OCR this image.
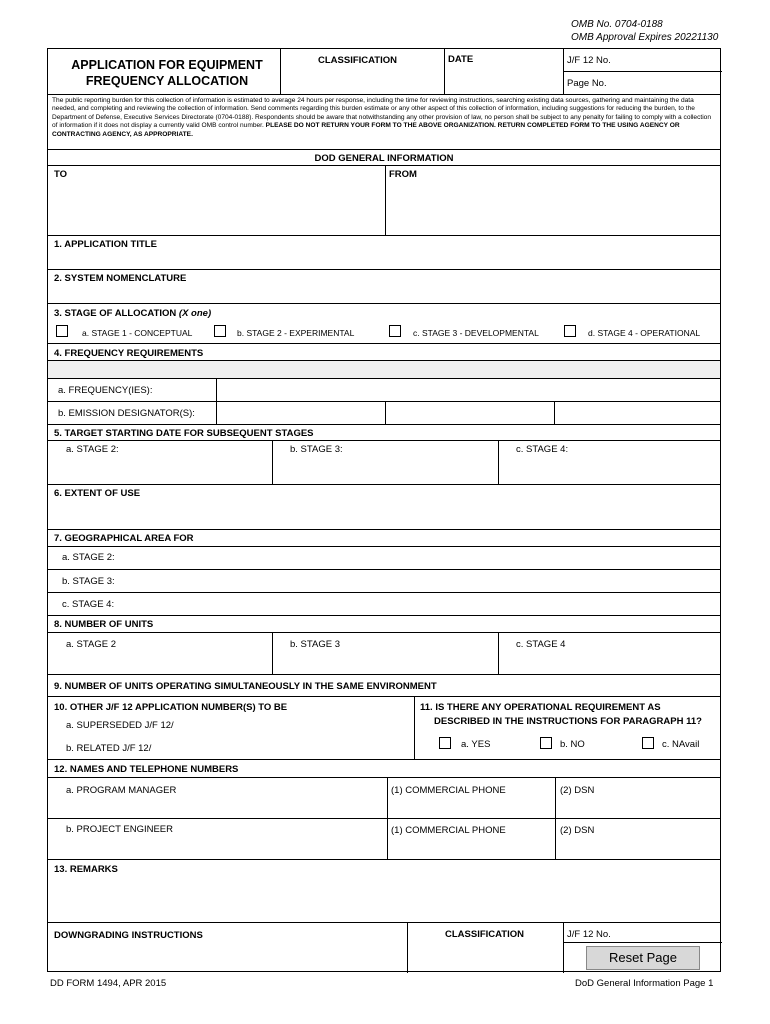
OMB No. 0704-0188
OMB Approval Expires 20221130
APPLICATION FOR EQUIPMENT
FREQUENCY ALLOCATION
CLASSIFICATION	DATE	J/F 12 No.
Page No.
The public reporting burden for this collection of information is estimated to average 24 hours per response, including the time for reviewing instructions, searching existing data sources, gathering and maintaining the data needed, and completing and reviewing the collection of information. Send comments regarding this burden estimate or any other aspect of this collection of information, including suggestions for reducing the burden, to the Department of Defense, Executive Services Directorate (0704-0188). Respondents should be aware that notwithstanding any other provision of law, no person shall be subject to any penalty for failing to comply with a collection of information if it does not display a currently valid OMB control number. PLEASE DO NOT RETURN YOUR FORM TO THE ABOVE ORGANIZATION. RETURN COMPLETED FORM TO THE USING AGENCY OR CONTRACTING AGENCY, AS APPROPRIATE.
DOD GENERAL INFORMATION
TO	FROM
1. APPLICATION TITLE
2. SYSTEM NOMENCLATURE
3. STAGE OF ALLOCATION (X one)
a. STAGE 1 - CONCEPTUAL	b. STAGE 2 - EXPERIMENTAL	c. STAGE 3 - DEVELOPMENTAL	d. STAGE 4 - OPERATIONAL
4. FREQUENCY REQUIREMENTS
a. FREQUENCY(IES):
b. EMISSION DESIGNATOR(S):
5. TARGET STARTING DATE FOR SUBSEQUENT STAGES
a. STAGE 2:	b. STAGE 3:	c. STAGE 4:
6. EXTENT OF USE
7. GEOGRAPHICAL AREA FOR
a. STAGE 2:
b. STAGE 3:
c. STAGE 4:
8. NUMBER OF UNITS
a. STAGE 2	b. STAGE 3	c. STAGE 4
9. NUMBER OF UNITS OPERATING SIMULTANEOUSLY IN THE SAME ENVIRONMENT
10. OTHER J/F 12 APPLICATION NUMBER(S) TO BE
a. SUPERSEDED J/F 12/
b. RELATED J/F 12/
11. IS THERE ANY OPERATIONAL REQUIREMENT AS
DESCRIBED IN THE INSTRUCTIONS FOR PARAGRAPH 11?
a. YES	b. NO	c. NAvail
12. NAMES AND TELEPHONE NUMBERS
a. PROGRAM MANAGER	(1) COMMERCIAL PHONE	(2) DSN
b. PROJECT ENGINEER	(1) COMMERCIAL PHONE	(2) DSN
13. REMARKS
DOWNGRADING INSTRUCTIONS	CLASSIFICATION	J/F 12 No.
Reset Page
DD FORM 1494, APR 2015	DoD General Information Page 1
